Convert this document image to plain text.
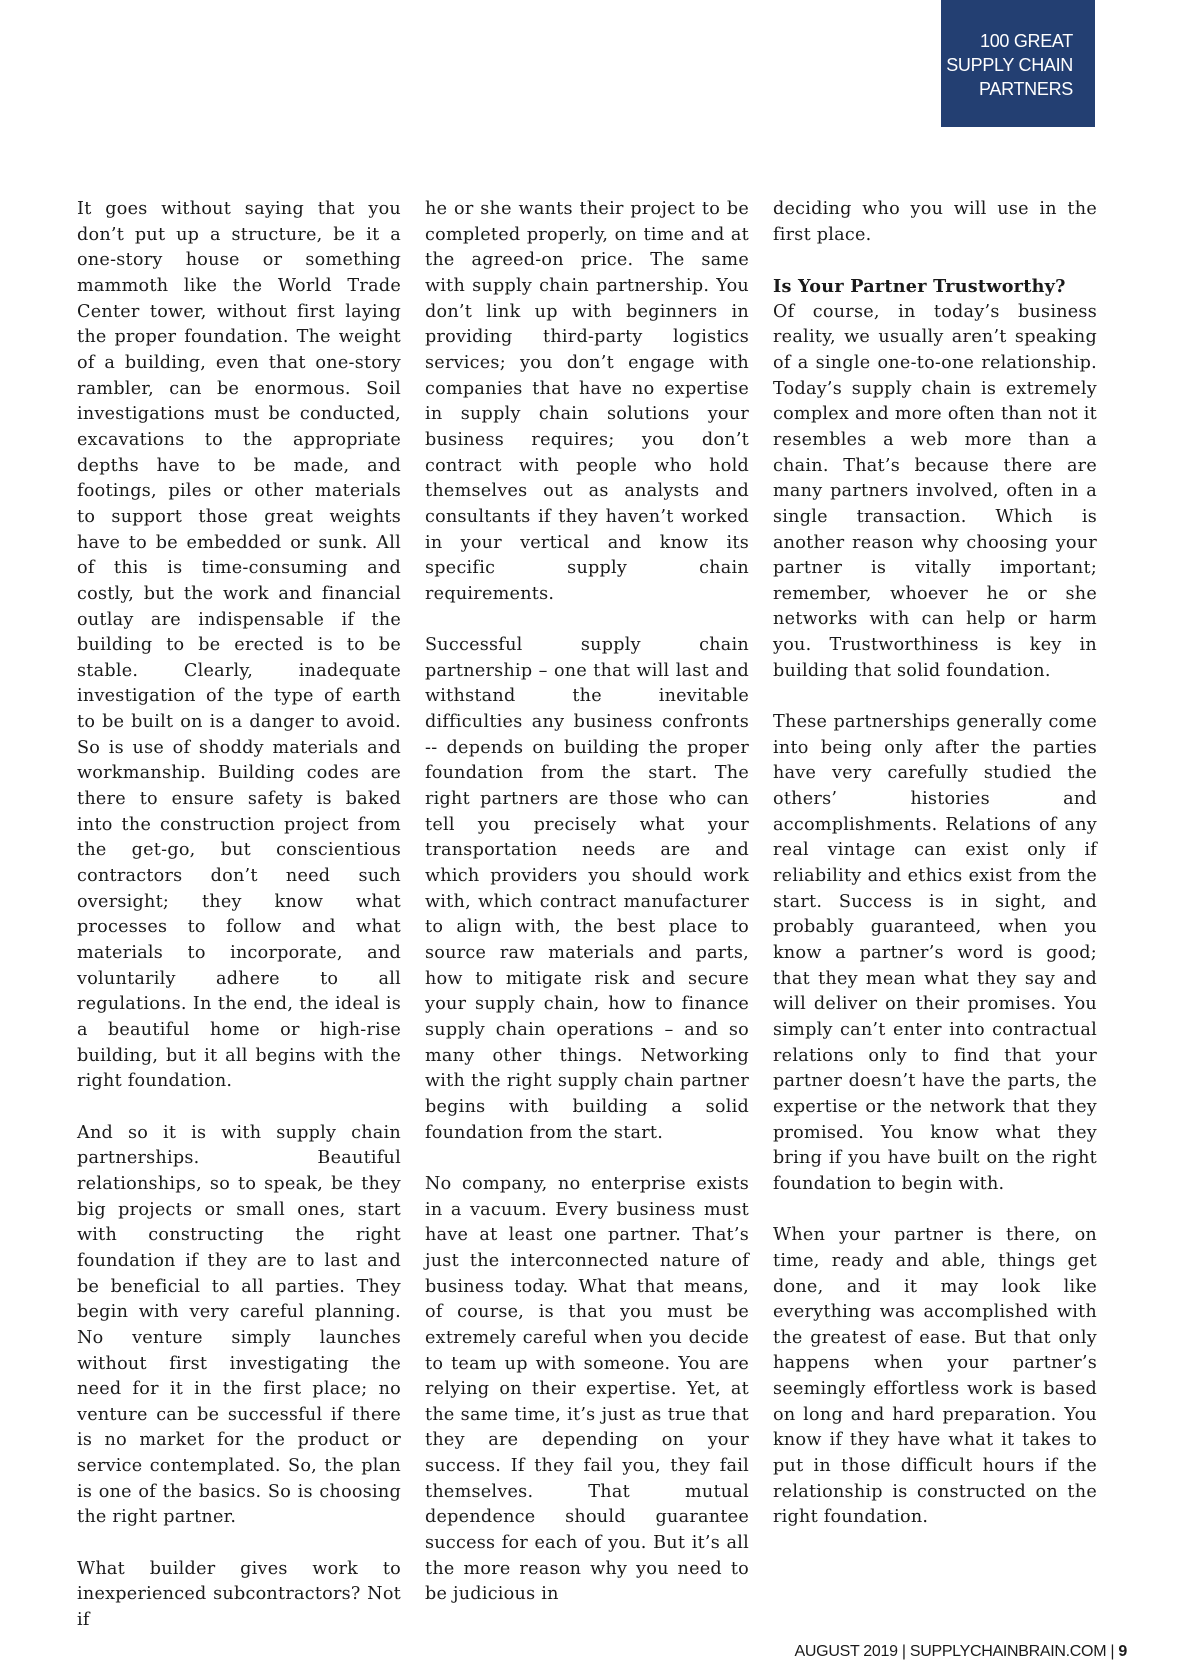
100 GREAT
SUPPLY CHAIN
PARTNERS

It goes without saying that you don’t put up a structure, be it a one-story house or something mammoth like the World Trade Center tower, without first laying the proper foundation. The weight of a building, even that one-story rambler, can be enormous. Soil investigations must be conducted, excavations to the appropriate depths have to be made, and footings, piles or other materials to support those great weights have to be embedded or sunk. All of this is time-consuming and costly, but the work and financial outlay are indispensable if the building to be erected is to be stable. Clearly, inadequate investigation of the type of earth to be built on is a danger to avoid. So is use of shoddy materials and workmanship. Building codes are there to ensure safety is baked into the construction project from the get-go, but conscientious contractors don’t need such oversight; they know what processes to follow and what materials to incorporate, and voluntarily adhere to all regulations. In the end, the ideal is a beautiful home or high-rise building, but it all begins with the right foundation.

And so it is with supply chain partnerships. Beautiful relationships, so to speak, be they big projects or small ones, start with constructing the right foundation if they are to last and be beneficial to all parties. They begin with very careful planning. No venture simply launches without first investigating the need for it in the first place; no venture can be successful if there is no market for the product or service contemplated. So, the plan is one of the basics. So is choosing the right partner.

What builder gives work to inexperienced subcontractors? Not if

he or she wants their project to be completed properly, on time and at the agreed-on price. The same with supply chain partnership. You don’t link up with beginners in providing third-party logistics services; you don’t engage with companies that have no expertise in supply chain solutions your business requires; you don’t contract with people who hold themselves out as analysts and consultants if they haven’t worked in your vertical and know its specific supply chain requirements.

Successful supply chain partnership – one that will last and withstand the inevitable difficulties any business confronts -- depends on building the proper foundation from the start. The right partners are those who can tell you precisely what your transportation needs are and which providers you should work with, which contract manufacturer to align with, the best place to source raw materials and parts, how to mitigate risk and secure your supply chain, how to finance supply chain operations – and so many other things. Networking with the right supply chain partner begins with building a solid foundation from the start.

No company, no enterprise exists in a vacuum. Every business must have at least one partner. That’s just the interconnected nature of business today. What that means, of course, is that you must be extremely careful when you decide to team up with someone. You are relying on their expertise. Yet, at the same time, it’s just as true that they are depending on your success. If they fail you, they fail themselves. That mutual dependence should guarantee success for each of you. But it’s all the more reason why you need to be judicious in

deciding who you will use in the first place.

Is Your Partner Trustworthy?

Of course, in today’s business reality, we usually aren’t speaking of a single one-to-one relationship. Today’s supply chain is extremely complex and more often than not it resembles a web more than a chain. That’s because there are many partners involved, often in a single transaction. Which is another reason why choosing your partner is vitally important; remember, whoever he or she networks with can help or harm you. Trustworthiness is key in building that solid foundation.

These partnerships generally come into being only after the parties have very carefully studied the others’ histories and accomplishments. Relations of any real vintage can exist only if reliability and ethics exist from the start. Success is in sight, and probably guaranteed, when you know a partner’s word is good; that they mean what they say and will deliver on their promises. You simply can’t enter into contractual relations only to find that your partner doesn’t have the parts, the expertise or the network that they promised. You know what they bring if you have built on the right foundation to begin with.

When your partner is there, on time, ready and able, things get done, and it may look like everything was accomplished with the greatest of ease. But that only happens when your partner’s seemingly effortless work is based on long and hard preparation. You know if they have what it takes to put in those difficult hours if the relationship is constructed on the right foundation.

AUGUST 2019 | SUPPLYCHAINBRAIN.COM | 9
